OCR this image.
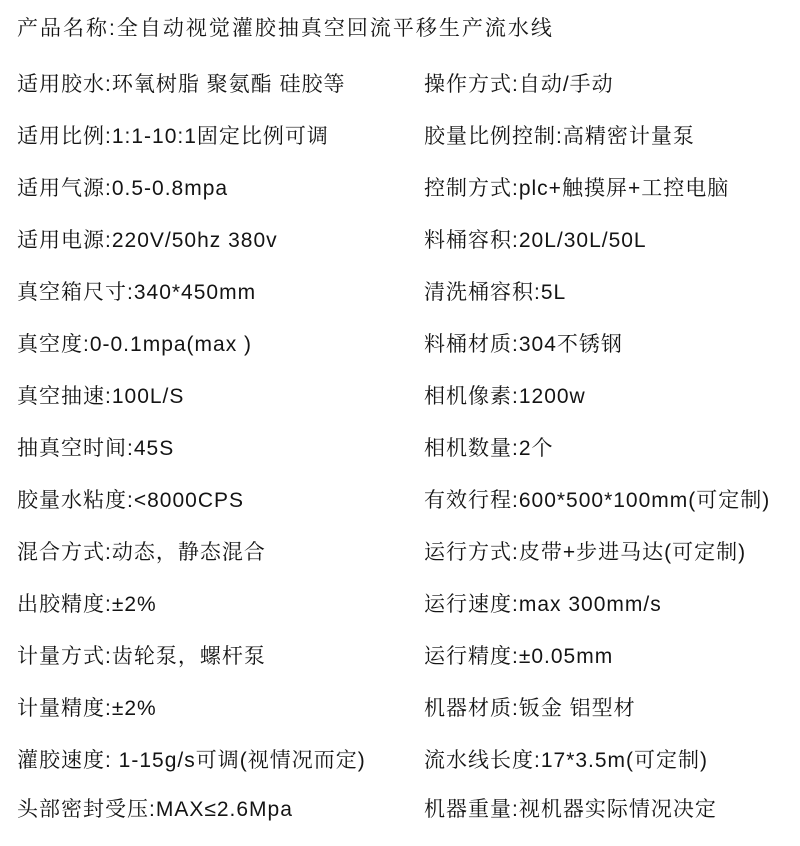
产品名称:全自动视觉灌胶抽真空回流平移生产流水线
适用胶水:环氧树脂 聚氨酯 硅胶等	操作方式:自动/手动
适用比例:1:1-10:1固定比例可调	胶量比例控制:高精密计量泵
适用气源:0.5-0.8mpa	控制方式:plc+触摸屏+工控电脑
适用电源:220V/50hz 380v	料桶容积:20L/30L/50L
真空箱尺寸:340*450mm	清洗桶容积:5L
真空度:0-0.1mpa(max )	料桶材质:304不锈钢
真空抽速:100L/S	相机像素:1200w
抽真空时间:45S	相机数量:2个
胶量水粘度:<8000CPS	有效行程:600*500*100mm(可定制)
混合方式:动态，静态混合	运行方式:皮带+步进马达(可定制)
出胶精度:±2%	运行速度:max 300mm/s
计量方式:齿轮泵，螺杆泵	运行精度:±0.05mm
计量精度:±2%	机器材质:钣金 铝型材
灌胶速度: 1-15g/s可调(视情况而定)	流水线长度:17*3.5m(可定制)
头部密封受压:MAX≤2.6Mpa	机器重量:视机器实际情况决定
